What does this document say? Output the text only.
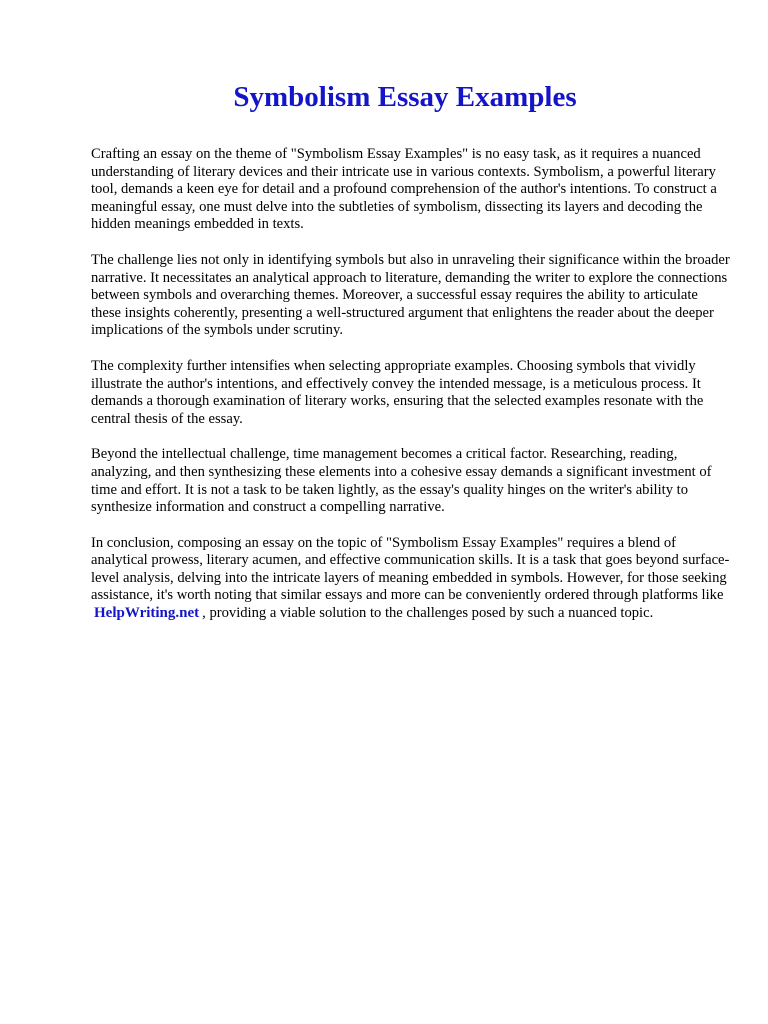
Symbolism Essay Examples

Crafting an essay on the theme of "Symbolism Essay Examples" is no easy task, as it requires a nuanced understanding of literary devices and their intricate use in various contexts. Symbolism, a powerful literary tool, demands a keen eye for detail and a profound comprehension of the author's intentions. To construct a meaningful essay, one must delve into the subtleties of symbolism, dissecting its layers and decoding the hidden meanings embedded in texts.

The challenge lies not only in identifying symbols but also in unraveling their significance within the broader narrative. It necessitates an analytical approach to literature, demanding the writer to explore the connections between symbols and overarching themes. Moreover, a successful essay requires the ability to articulate these insights coherently, presenting a well-structured argument that enlightens the reader about the deeper implications of the symbols under scrutiny.

The complexity further intensifies when selecting appropriate examples. Choosing symbols that vividly illustrate the author's intentions, and effectively convey the intended message, is a meticulous process. It demands a thorough examination of literary works, ensuring that the selected examples resonate with the central thesis of the essay.

Beyond the intellectual challenge, time management becomes a critical factor. Researching, reading, analyzing, and then synthesizing these elements into a cohesive essay demands a significant investment of time and effort. It is not a task to be taken lightly, as the essay's quality hinges on the writer's ability to synthesize information and construct a compelling narrative.

In conclusion, composing an essay on the topic of "Symbolism Essay Examples" requires a blend of analytical prowess, literary acumen, and effective communication skills. It is a task that goes beyond surface-level analysis, delving into the intricate layers of meaning embedded in symbols. However, for those seeking assistance, it's worth noting that similar essays and more can be conveniently ordered through platforms like HelpWriting.net , providing a viable solution to the challenges posed by such a nuanced topic.
